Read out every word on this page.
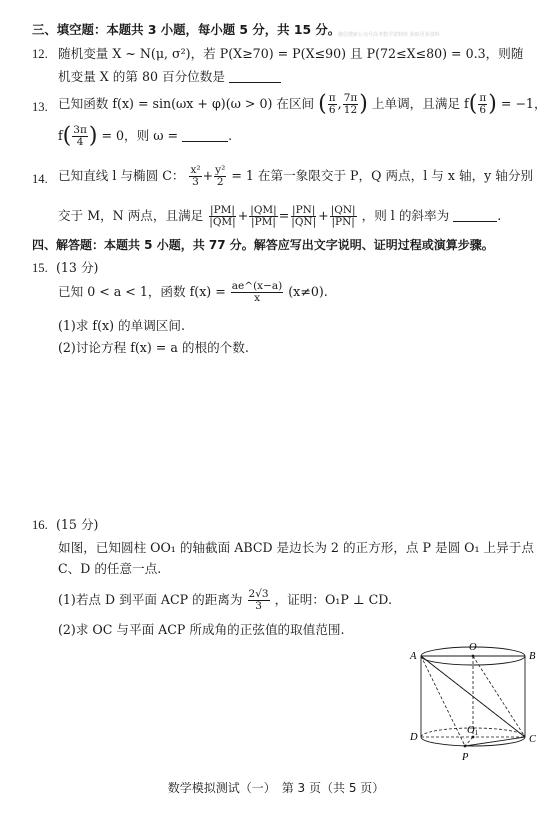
三、填空题：本题共 3 小题，每小题 5 分，共 15 分。
微信搜索公众号高考数学资料库 获取更多资料
12. 随机变量 X ~ N(μ, σ²)，若 P(X≥70) = P(X≤90) 且 P(72≤X≤80) = 0.3，则随
机变量 X 的第 80 百分位数是
13. 已知函数 f(x) = sin(ωx + φ)(ω > 0) 在区间 ( $\frac{\pi}{6}$ , $\frac{7\pi}{12}$ ) 上单调，且满足 $f( \frac{\pi}{6}$ ) = −1，
$f( \frac{3\pi}{4}$ ) = 0，则 ω =	.
14. 已知直线 l 与椭圆 C： $\frac{\text{x²}}{3} + \frac{\text{y²}}{2} = 1$ 在第一象限交于 P，Q 两点，l 与 x 轴，y 轴分别
交于 M，N 两点，且满足 $\frac{|PM|}{|QM|} + \frac{|QM|}{|PM|} = \frac{|PN|}{|QN|} + \frac{|QN|}{|PN|}$ ，则 l 的斜率为	.
四、解答题：本题共 5 小题，共 77 分。解答应写出文字说明、证明过程或演算步骤。
15. (13 分)
已知 0 < a < 1，函数 $f(x) = \frac{ae\^{}(x-a)}{x} (x\ne 0)$.
(1)求 f(x) 的单调区间.
(2)讨论方程 f(x) = a 的根的个数.
16. (15 分)
如图，已知圆柱 OO₁ 的轴截面 ABCD 是边长为 2 的正方形，点 P 是圆 O₁ 上异于点
C、D 的任意一点.
(1)若点 D 到平面 ACP 的距离为 $\frac{2√3}{3}$ ，证明：O₁P ⊥ CD.
(2)求 OC 与平面 ACP 所成角的正弦值的取值范围.
A	B
O
D	C
O1
P
数学模拟测试（一）　第 3 页（共 5 页）
